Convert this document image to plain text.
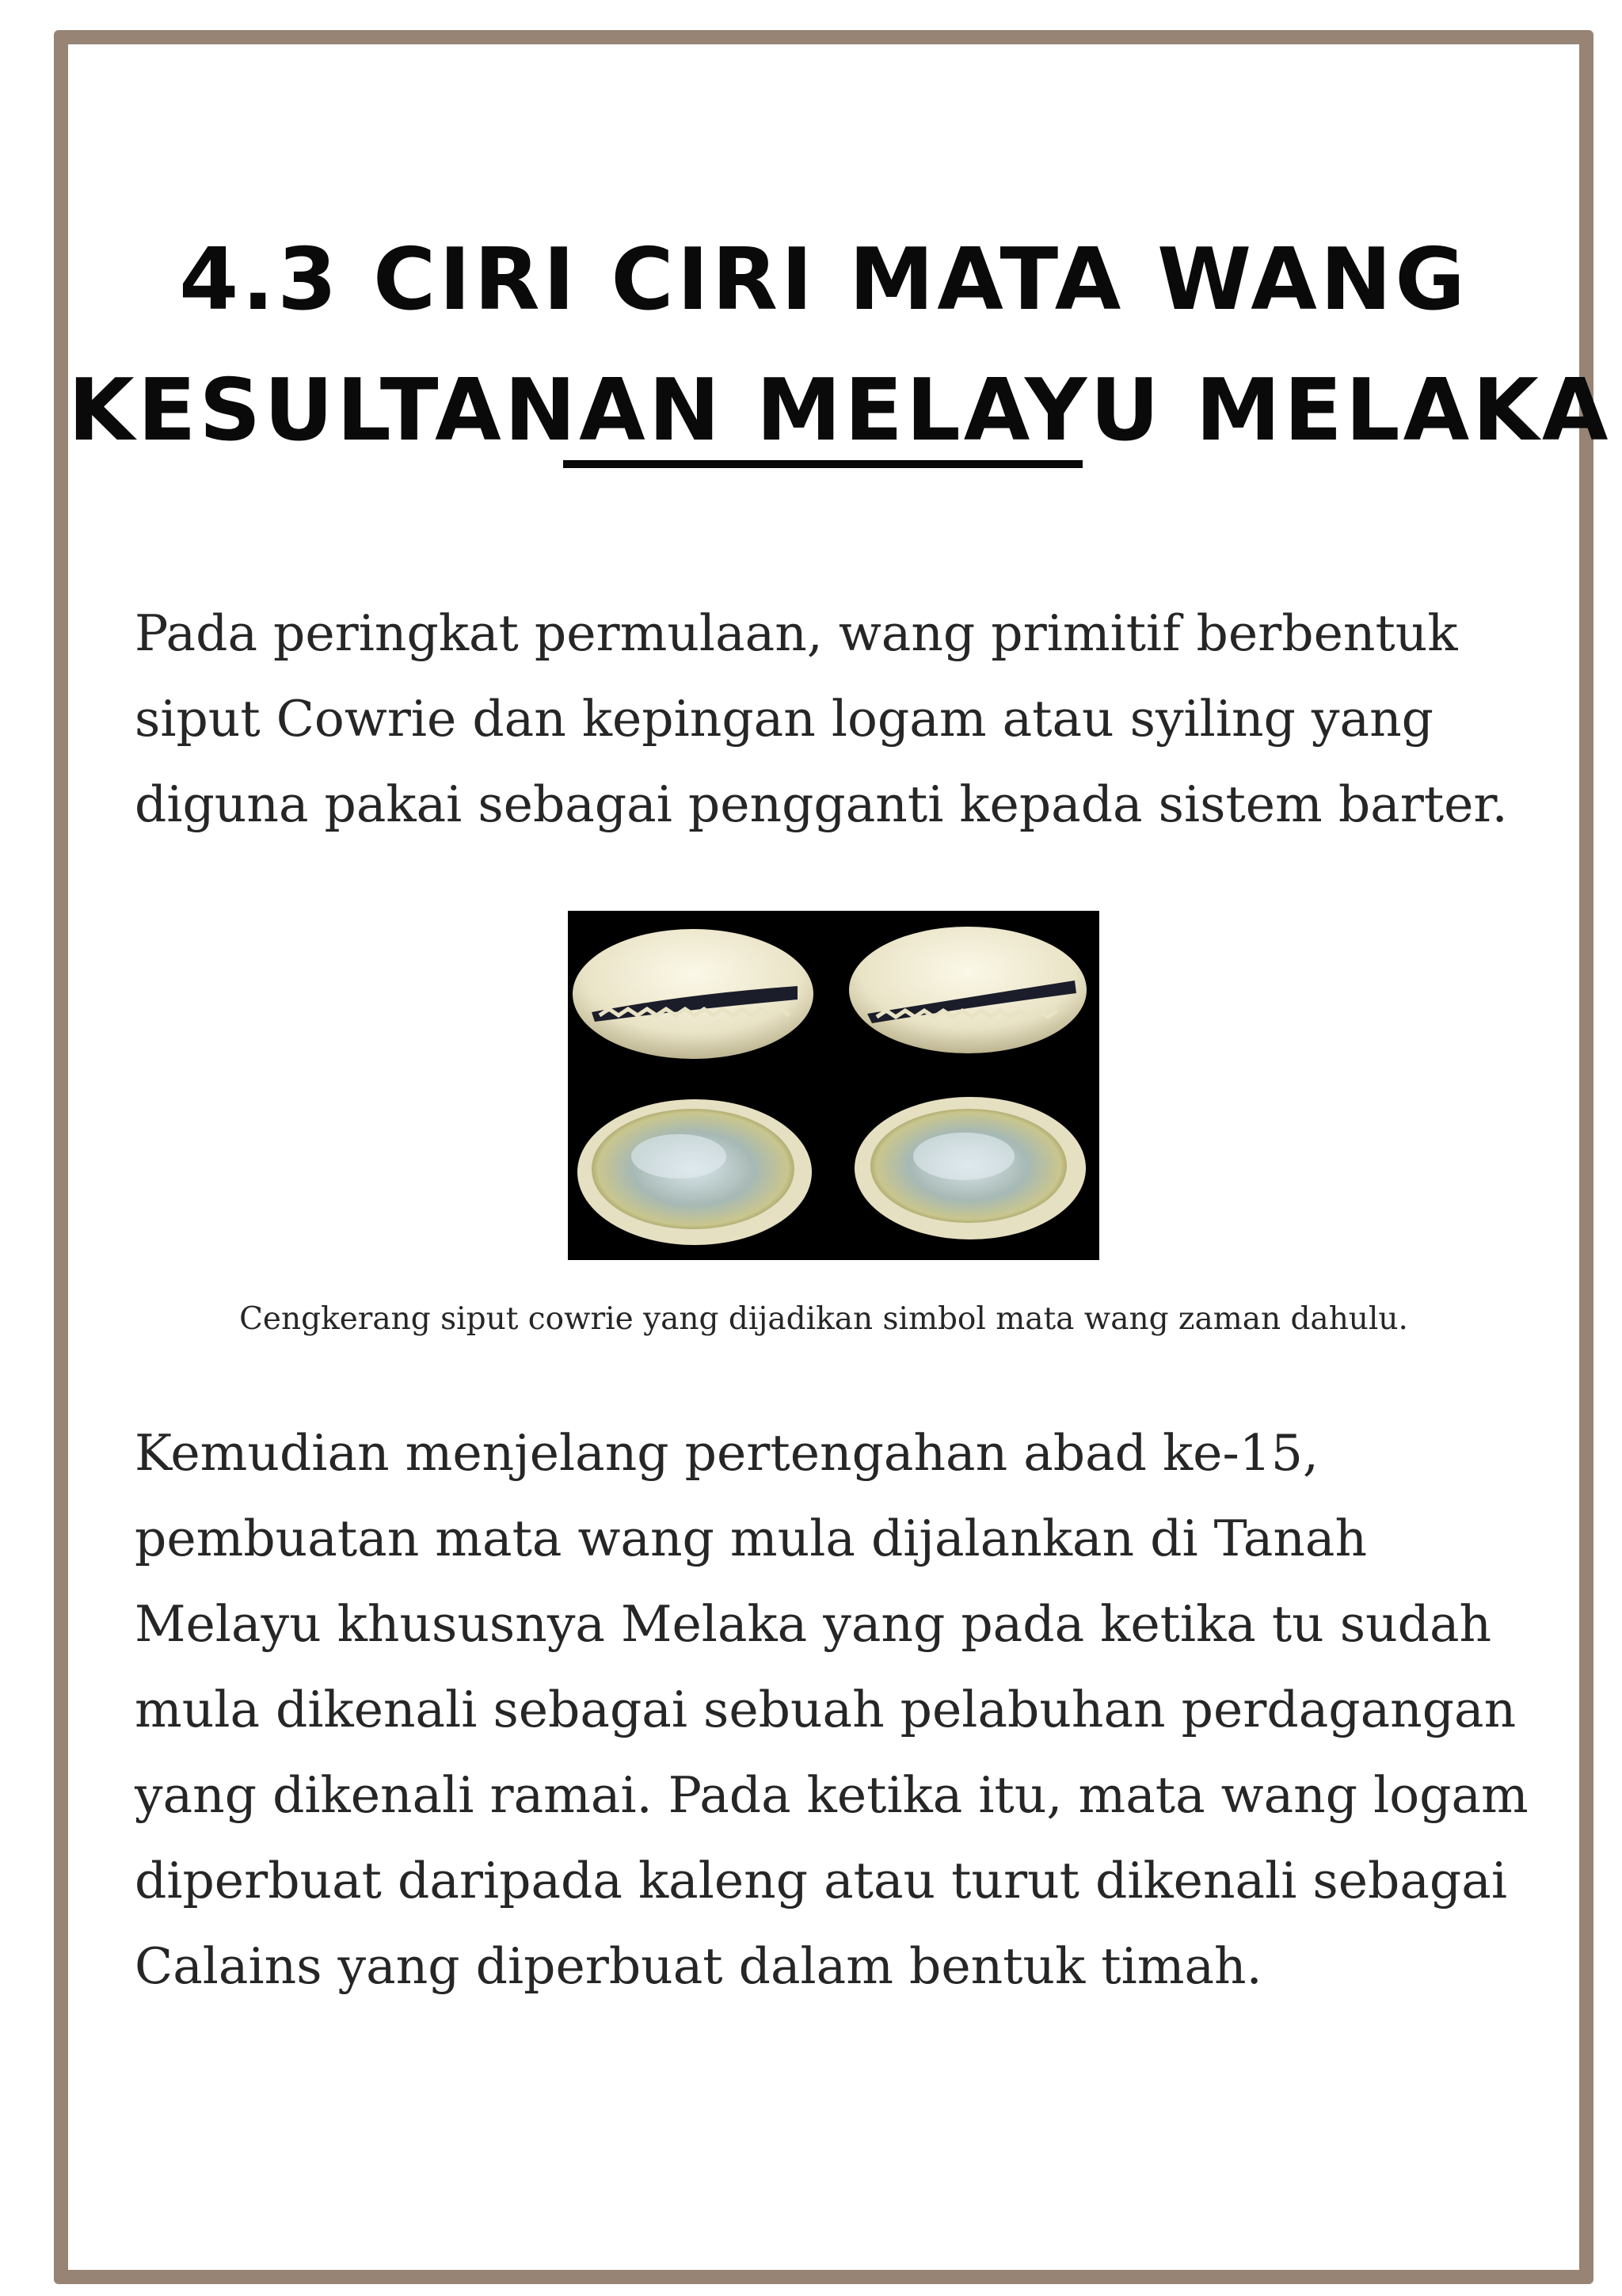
4.3 CIRI CIRI MATA WANG
KESULTANAN MELAYU MELAKA

Pada peringkat permulaan, wang primitif berbentuk siput Cowrie dan kepingan logam atau syiling yang diguna pakai sebagai pengganti kepada sistem barter.

Cengkerang siput cowrie yang dijadikan simbol mata wang zaman dahulu.

Kemudian menjelang pertengahan abad ke-15, pembuatan mata wang mula dijalankan di Tanah Melayu khususnya Melaka yang pada ketika tu sudah mula dikenali sebagai sebuah pelabuhan perdagangan yang dikenali ramai. Pada ketika itu, mata wang logam diperbuat daripada kaleng atau turut dikenali sebagai Calains yang diperbuat dalam bentuk timah.
